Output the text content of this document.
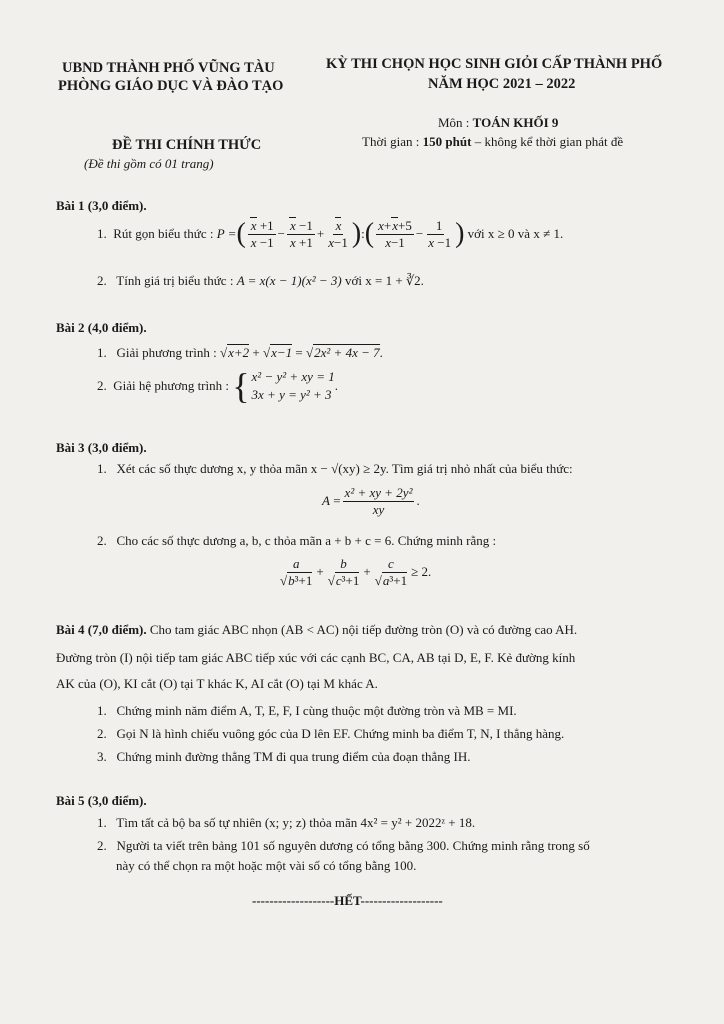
UBND THÀNH PHỐ VŨNG TÀU
PHÒNG GIÁO DỤC VÀ ĐÀO TẠO
KỲ THI CHỌN HỌC SINH GIỎI CẤP THÀNH PHỐ
NĂM HỌC 2021 – 2022
Môn : TOÁN KHỐI 9
ĐỀ THI CHÍNH THỨC	Thời gian : 150 phút – không kể thời gian phát đề
(Đề thi gồm có 01 trang)
Bài 1 (3,0 điểm).
1.
Rút gọn biểu thức :
P = ( $\frac{x +1}{x -1} - \frac{x -1}{x +1} + \frac{x}{x-1}$ ) : ( $\frac{x+x+5}{x-1} - \frac{1}{x -1}$ )
với x ≥ 0 và x ≠ 1.
2. Tính giá trị biểu thức : A = x(x − 1)(x² − 3) với x = 1 + ∛2.
Bài 2 (4,0 điểm).
1. Giải phương trình : √x+2 + √x−1 = √2x² + 4x − 7.
2.
Giải hệ phương trình :
{ x² − y² + xy = 1
3x + y = y² + 3
.
Bài 3 (3,0 điểm).
1. Xét các số thực dương x, y thỏa mãn x − √(xy) ≥ 2y. Tìm giá trị nhỏ nhất của biểu thức:
$A = \frac{\text{x² + xy + 2y²}}{xy}$ .
2. Cho các số thực dương a, b, c thỏa mãn a + b + c = 6. Chứng minh rằng :
$\frac{a}{\text{√b³+1}} + \frac{b}{\text{√c³+1}} + \frac{c}{\text{√a³+1}} \ge 2$.
Bài 4 (7,0 điểm). Cho tam giác ABC nhọn (AB < AC) nội tiếp đường tròn (O) và có đường cao AH.
Đường tròn (I) nội tiếp tam giác ABC tiếp xúc với các cạnh BC, CA, AB tại D, E, F. Kẻ đường kính
AK của (O), KI cắt (O) tại T khác K, AI cắt (O) tại M khác A.
1. Chứng minh năm điểm A, T, E, F, I cùng thuộc một đường tròn và MB = MI.
2. Gọi N là hình chiếu vuông góc của D lên EF. Chứng minh ba điểm T, N, I thẳng hàng.
3. Chứng minh đường thẳng TM đi qua trung điểm của đoạn thẳng IH.
Bài 5 (3,0 điểm).
1. Tìm tất cả bộ ba số tự nhiên (x; y; z) thỏa mãn 4x² = y² + 2022ᶻ + 18.
2. Người ta viết trên bảng 101 số nguyên dương có tổng bằng 300. Chứng minh rằng trong số
này có thể chọn ra một hoặc một vài số có tổng bằng 100.
-------------------HẾT-------------------
